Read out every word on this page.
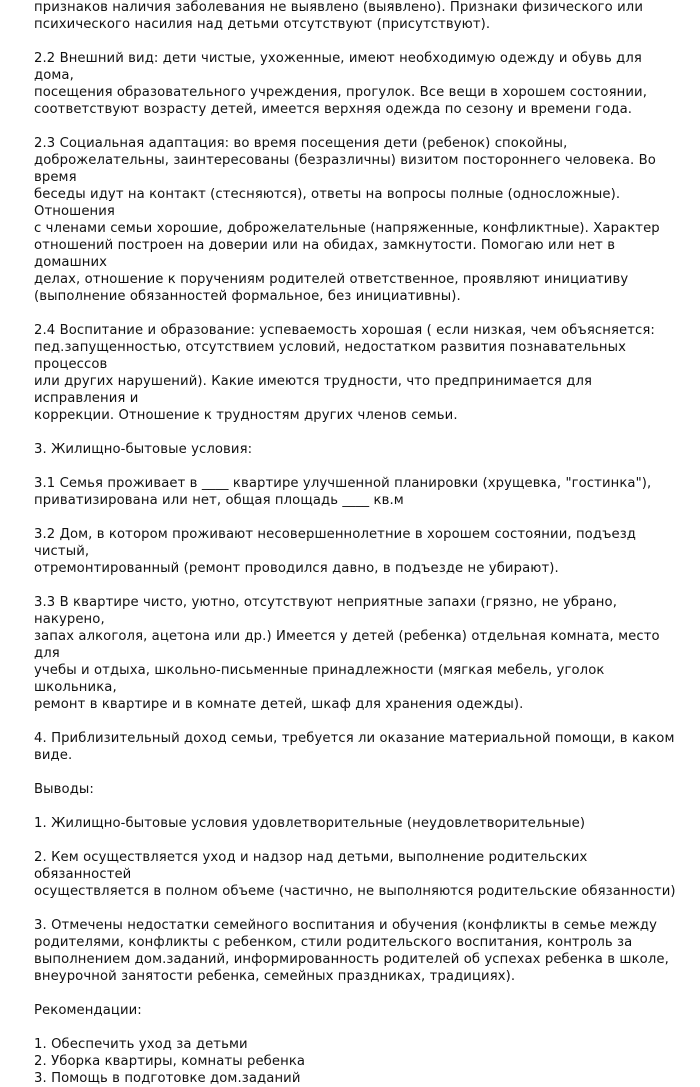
признаков наличия заболевания не выявлено (выявлено). Признаки физического или
психического насилия над детьми отсутствуют (присутствуют).

2.2 Внешний вид: дети чистые, ухоженные, имеют необходимую одежду и обувь для дома,
посещения образовательного учреждения, прогулок. Все вещи в хорошем состоянии,
соответствуют возрасту детей, имеется верхняя одежда по сезону и времени года.

2.3 Социальная адаптация: во время посещения дети (ребенок) спокойны,
доброжелательны, заинтересованы (безразличны) визитом постороннего человека. Во время
беседы идут на контакт (стесняются), ответы на вопросы полные (односложные). Отношения
с членами семьи хорошие, доброжелательные (напряженные, конфликтные). Характер
отношений построен на доверии или на обидах, замкнутости. Помогаю или нет в домашних
делах, отношение к поручениям родителей ответственное, проявляют инициативу
(выполнение обязанностей формальное, без инициативны).

2.4 Воспитание и образование: успеваемость хорошая ( если низкая, чем объясняется:
пед.запущенностью, отсутствием условий, недостатком развития познавательных процессов
или других нарушений). Какие имеются трудности, что предпринимается для исправления и
коррекции. Отношение к трудностям других членов семьи.

3. Жилищно-бытовые условия:

3.1 Семья проживает в ____ квартире улучшенной планировки (хрущевка, "гостинка"),
приватизирована или нет, общая площадь ____ кв.м

3.2 Дом, в котором проживают несовершеннолетние в хорошем состоянии, подъезд чистый,
отремонтированный (ремонт проводился давно, в подъезде не убирают).

3.3 В квартире чисто, уютно, отсутствуют неприятные запахи (грязно, не убрано, накурено,
запах алкоголя, ацетона или др.) Имеется у детей (ребенка) отдельная комната, место для
учебы и отдыха, школьно-письменные принадлежности (мягкая мебель, уголок школьника,
ремонт в квартире и в комнате детей, шкаф для хранения одежды).

4. Приблизительный доход семьи, требуется ли оказание материальной помощи, в каком
виде.

Выводы:

1. Жилищно-бытовые условия удовлетворительные (неудовлетворительные)

2. Кем осуществляется уход и надзор над детьми, выполнение родительских обязанностей
осуществляется в полном объеме (частично, не выполняются родительские обязанности)

3. Отмечены недостатки семейного воспитания и обучения (конфликты в семье между
родителями, конфликты с ребенком, стили родительского воспитания, контроль за
выполнением дом.заданий, информированность родителей об успехах ребенка в школе,
внеурочной занятости ребенка, семейных праздниках, традициях).

Рекомендации:

1. Обеспечить уход за детьми
2. Уборка квартиры, комнаты ребенка
3. Помощь в подготовке дом.заданий
